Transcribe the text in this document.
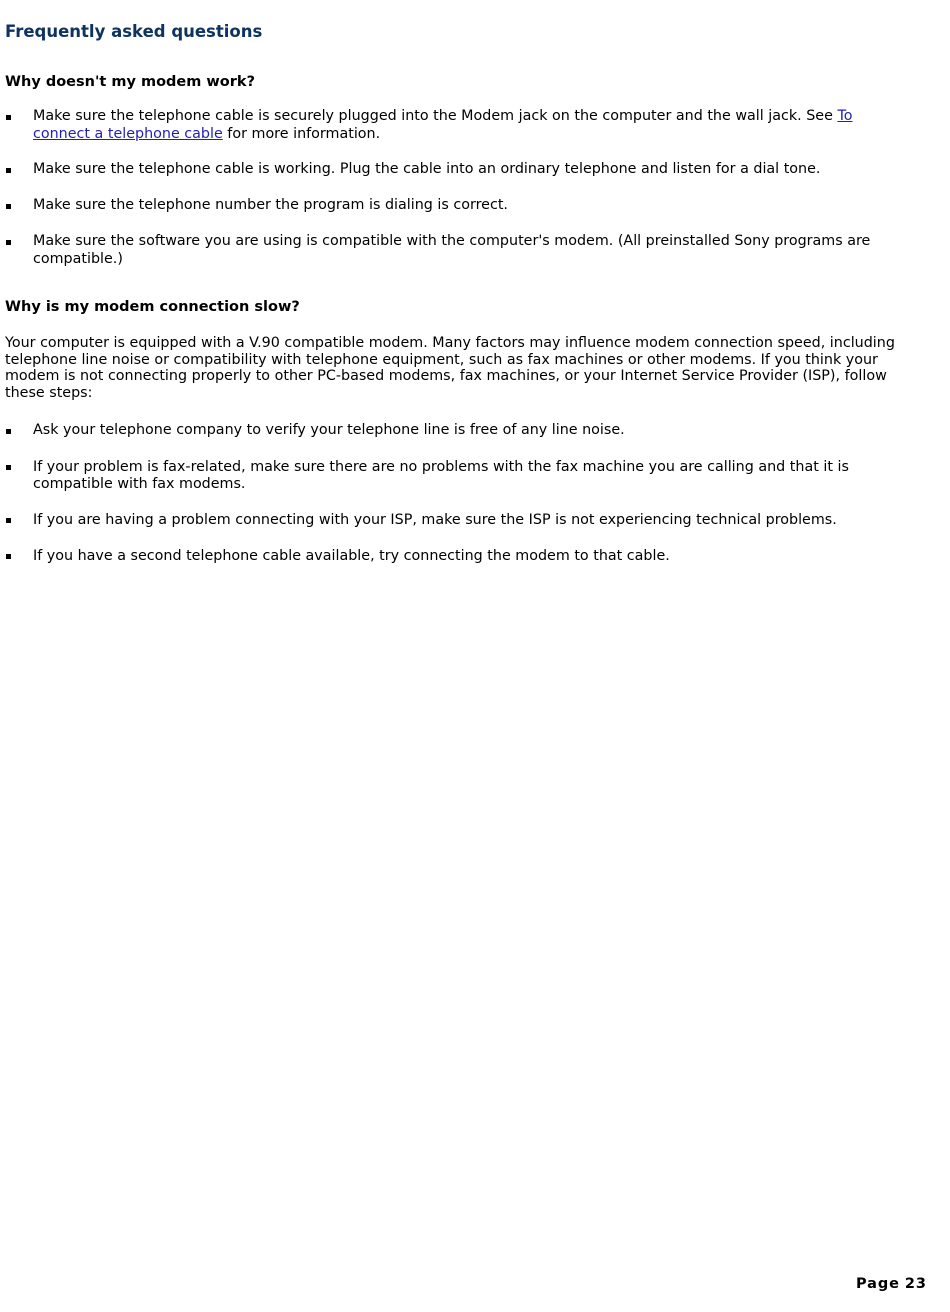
Frequently asked questions
Why doesn't my modem work?
Make sure the telephone cable is securely plugged into the Modem jack on the computer and the wall jack. See To connect a telephone cable for more information.
Make sure the telephone cable is working. Plug the cable into an ordinary telephone and listen for a dial tone.
Make sure the telephone number the program is dialing is correct.
Make sure the software you are using is compatible with the computer's modem. (All preinstalled Sony programs are compatible.)
Why is my modem connection slow?

Your computer is equipped with a V.90 compatible modem. Many factors may influence modem connection speed, including telephone line noise or compatibility with telephone equipment, such as fax machines or other modems. If you think your modem is not connecting properly to other PC-based modems, fax machines, or your Internet Service Provider (ISP), follow these steps:

Ask your telephone company to verify your telephone line is free of any line noise.
If your problem is fax-related, make sure there are no problems with the fax machine you are calling and that it is compatible with fax modems.
If you are having a problem connecting with your ISP, make sure the ISP is not experiencing technical problems.
If you have a second telephone cable available, try connecting the modem to that cable.

Page 23
